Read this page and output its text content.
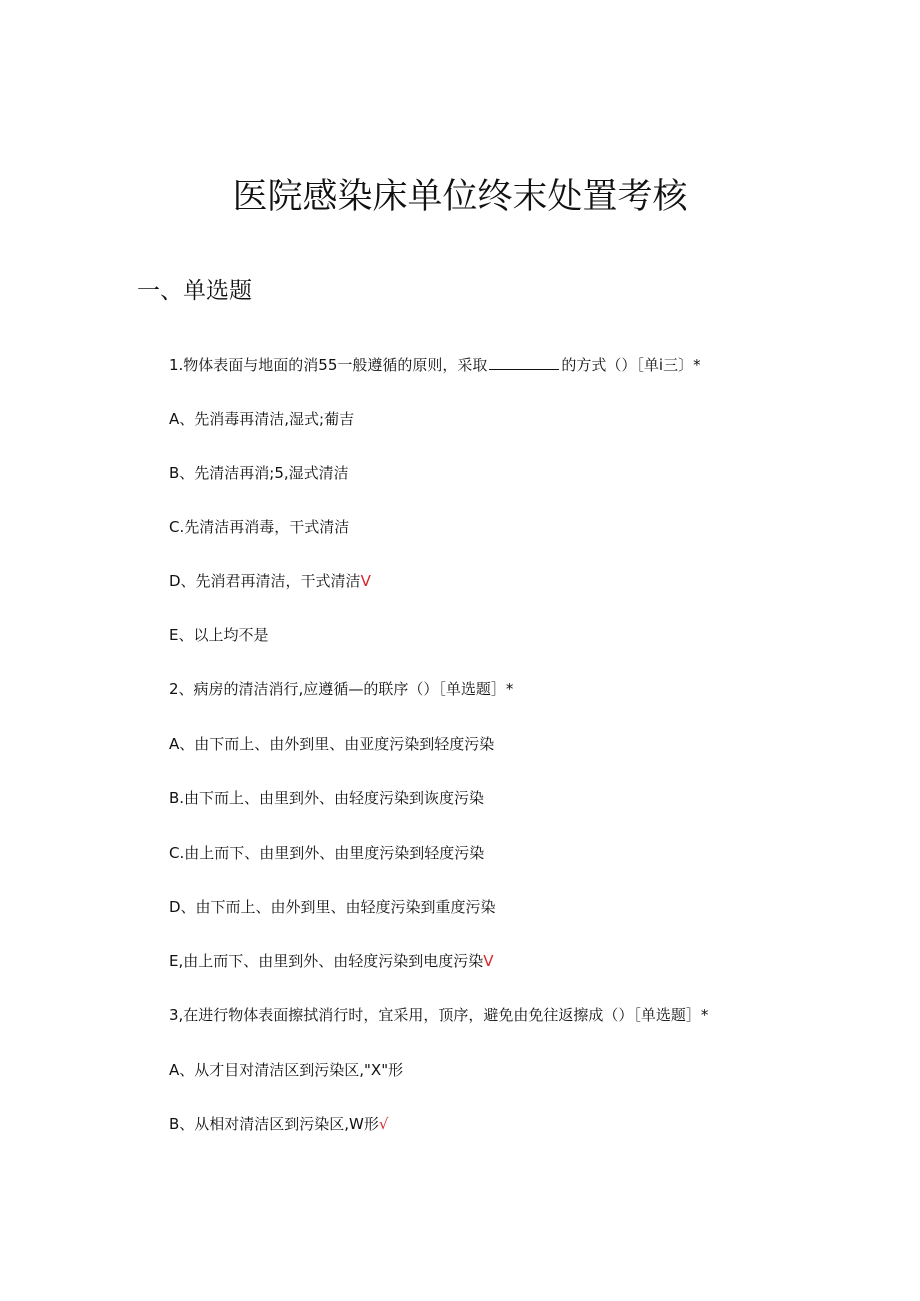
医院感染床单位终末处置考核
一、单选题
1.物体表面与地面的消55一般遵循的原则，采取	的方式（）［单i三〕*
A、先消毒再清洁,湿式;葡吉
B、先清洁再消;5,湿式清洁
C.先清洁再消毒，干式清洁
D、先消君再清洁，干式清洁V
E、以上均不是
2、病房的清洁消行,应遵循—的联序（）［单选题］*
A、由下而上、由外到里、由亚度污染到轻度污染
B.由下而上、由里到外、由轻度污染到诙度污染
C.由上而下、由里到外、由里度污染到轻度污染
D、由下而上、由外到里、由轻度污染到重度污染
E,由上而下、由里到外、由轻度污染到电度污染V
3,在进行物体表面擦拭消行时，宜采用，顶序，避免由免往返擦成（）［单选题］*
A、从才目对清洁区到污染区,"X"形
B、从相对清洁区到污染区,W形√
